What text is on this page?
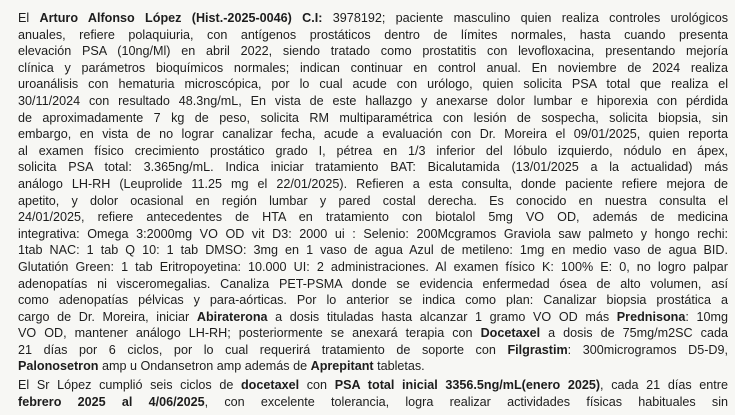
El Arturo Alfonso López (Hist.-2025-0046) C.I: 3978192; paciente masculino quien realiza controles urológicos
anuales, refiere polaquiuria, con antígenos prostáticos dentro de límites normales, hasta cuando presenta
elevación PSA (10ng/Ml) en abril 2022, siendo tratado como prostatitis con levofloxacina, presentando mejoría
clínica y parámetros bioquímicos normales; indican continuar en control anual. En noviembre de 2024 realiza
uroanálisis con hematuria microscópica, por lo cual acude con urólogo, quien solicita PSA total que realiza el
30/11/2024 con resultado 48.3ng/mL, En vista de este hallazgo y anexarse dolor lumbar e hiporexia con pérdida
de aproximadamente 7 kg de peso, solicita RM multiparamétrica con lesión de sospecha, solicita biopsia, sin
embargo, en vista de no lograr canalizar fecha, acude a evaluación con Dr. Moreira el 09/01/2025, quien reporta
al examen físico crecimiento prostático grado I, pétrea en 1/3 inferior del lóbulo izquierdo, nódulo en ápex,
solicita PSA total: 3.365ng/mL. Indica iniciar tratamiento BAT: Bicalutamida (13/01/2025 a la actualidad) más
análogo LH-RH (Leuprolide 11.25 mg el 22/01/2025). Refieren a esta consulta, donde paciente refiere mejora de
apetito, y dolor ocasional en región lumbar y pared costal derecha. Es conocido en nuestra consulta el
24/01/2025, refiere antecedentes de HTA en tratamiento con biotalol 5mg VO OD, además de medicina
integrativa: Omega 3:2000mg VO OD vit D3: 2000 ui : Selenio: 200Mcgramos Graviola saw palmeto y hongo rechi:
1tab NAC: 1 tab Q 10: 1 tab DMSO: 3mg en 1 vaso de agua Azul de metileno: 1mg en medio vaso de agua BID.
Glutatión Green: 1 tab Eritropoyetina: 10.000 UI: 2 administraciones. Al examen físico K: 100% E: 0, no logro palpar
adenopatías ni visceromegalias. Canaliza PET-PSMA donde se evidencia enfermedad ósea de alto volumen, así
como adenopatías pélvicas y para-aórticas. Por lo anterior se indica como plan: Canalizar biopsia prostática a
cargo de Dr. Moreira, iniciar Abiraterona a dosis tituladas hasta alcanzar 1 gramo VO OD más Prednisona: 10mg
VO OD, mantener análogo LH-RH; posteriormente se anexará terapia con Docetaxel a dosis de 75mg/m2SC cada
21 días por 6 ciclos, por lo cual requerirá tratamiento de soporte con Filgrastim: 300microgramos D5-D9,
Palonosetron amp u Ondansetron amp además de Aprepitant tabletas.
El Sr López cumplió seis ciclos de docetaxel con PSA total inicial 3356.5ng/mL(enero 2025), cada 21 días entre
febrero 2025 al 4/06/2025, con excelente tolerancia, logra realizar actividades físicas habituales sin
